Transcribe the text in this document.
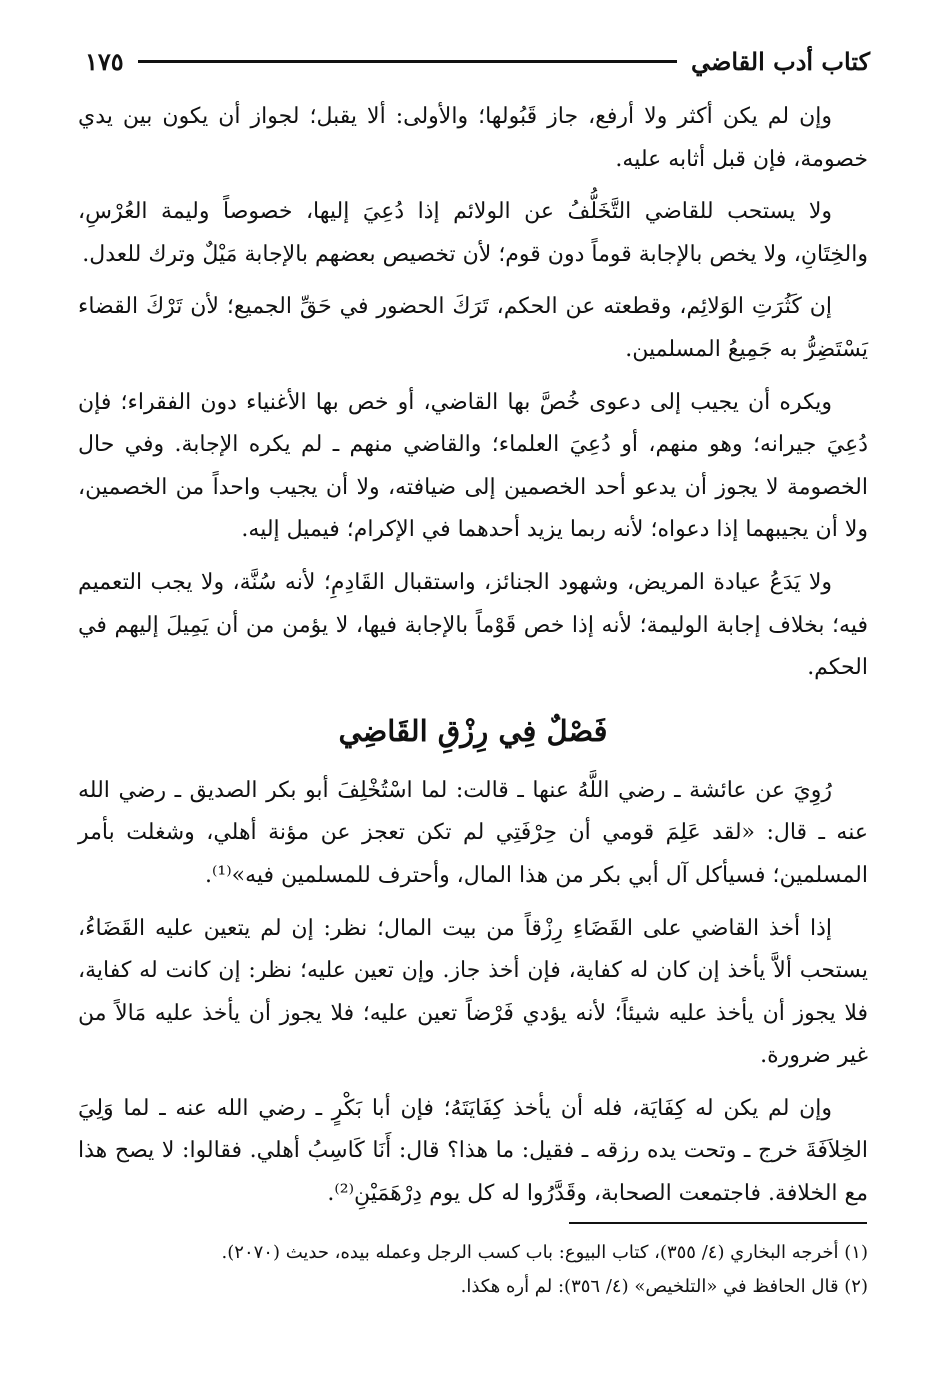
كتاب أدب القاضي
١٧٥

وإن لم يكن أكثر ولا أرفع، جاز قَبُولها؛ والأولى: ألا يقبل؛ لجواز أن يكون بين يدي خصومة، فإن قبل أثابه عليه.

ولا يستحب للقاضي التَّخَلُّفُ عن الولائم إذا دُعِيَ إليها، خصوصاً وليمة العُرْسِ، والخِتَانِ، ولا يخص بالإجابة قوماً دون قوم؛ لأن تخصيص بعضهم بالإجابة مَيْلٌ وترك للعدل.

إن كَثُرَتِ الوَلائِم، وقطعته عن الحكم، تَرَكَ الحضور في حَقِّ الجميع؛ لأن تَرْكَ القضاء يَسْتَضِرُّ به جَمِيعُ المسلمين.

ويكره أن يجيب إلى دعوى خُصَّ بها القاضي، أو خص بها الأغنياء دون الفقراء؛ فإن دُعِيَ جيرانه؛ وهو منهم، أو دُعِيَ العلماء؛ والقاضي منهم ـ لم يكره الإجابة. وفي حال الخصومة لا يجوز أن يدعو أحد الخصمين إلى ضيافته، ولا أن يجيب واحداً من الخصمين، ولا أن يجيبهما إذا دعواه؛ لأنه ربما يزيد أحدهما في الإكرام؛ فيميل إليه.

ولا يَدَعُ عيادة المريض، وشهود الجنائز، واستقبال القَادِمِ؛ لأنه سُنَّة، ولا يجب التعميم فيه؛ بخلاف إجابة الوليمة؛ لأنه إذا خص قَوْماً بالإجابة فيها، لا يؤمن من أن يَمِيلَ إليهم في الحكم.

فَصْلٌ فِي رِزْقِ القَاضِي

رُوِيَ عن عائشة ـ رضي اللَّهُ عنها ـ قالت: لما اسْتُخْلِفَ أبو بكر الصديق ـ رضي الله عنه ـ قال: «لقد عَلِمَ قومي أن حِرْفَتِي لم تكن تعجز عن مؤنة أهلي، وشغلت بأمر المسلمين؛ فسيأكل آل أبي بكر من هذا المال، وأحترف للمسلمين فيه»⁽¹⁾.

إذا أخذ القاضي على القَضَاءِ رِزْقاً من بيت المال؛ نظر: إن لم يتعين عليه القَضَاءُ، يستحب ألاَّ يأخذ إن كان له كفاية، فإن أخذ جاز. وإن تعين عليه؛ نظر: إن كانت له كفاية، فلا يجوز أن يأخذ عليه شيئاً؛ لأنه يؤدي فَرْضاً تعين عليه؛ فلا يجوز أن يأخذ عليه مَالاً من غير ضرورة.

وإن لم يكن له كِفَايَة، فله أن يأخذ كِفَايَتَهُ؛ فإن أبا بَكْرٍ ـ رضي الله عنه ـ لما وَلِيَ الخِلاَفَةَ خرج ـ وتحت يده رزقه ـ فقيل: ما هذا؟ قال: أَنَا كَاسِبُ أهلي. فقالوا: لا يصح هذا مع الخلافة. فاجتمعت الصحابة، وقَدَّرُوا له كل يوم دِرْهَمَيْنِ⁽²⁾.

(١) أخرجه البخاري (٤/ ٣٥٥)، كتاب البيوع: باب كسب الرجل وعمله بيده، حديث (٢٠٧٠).
(٢) قال الحافظ في «التلخيص» (٤/ ٣٥٦): لم أره هكذا.
